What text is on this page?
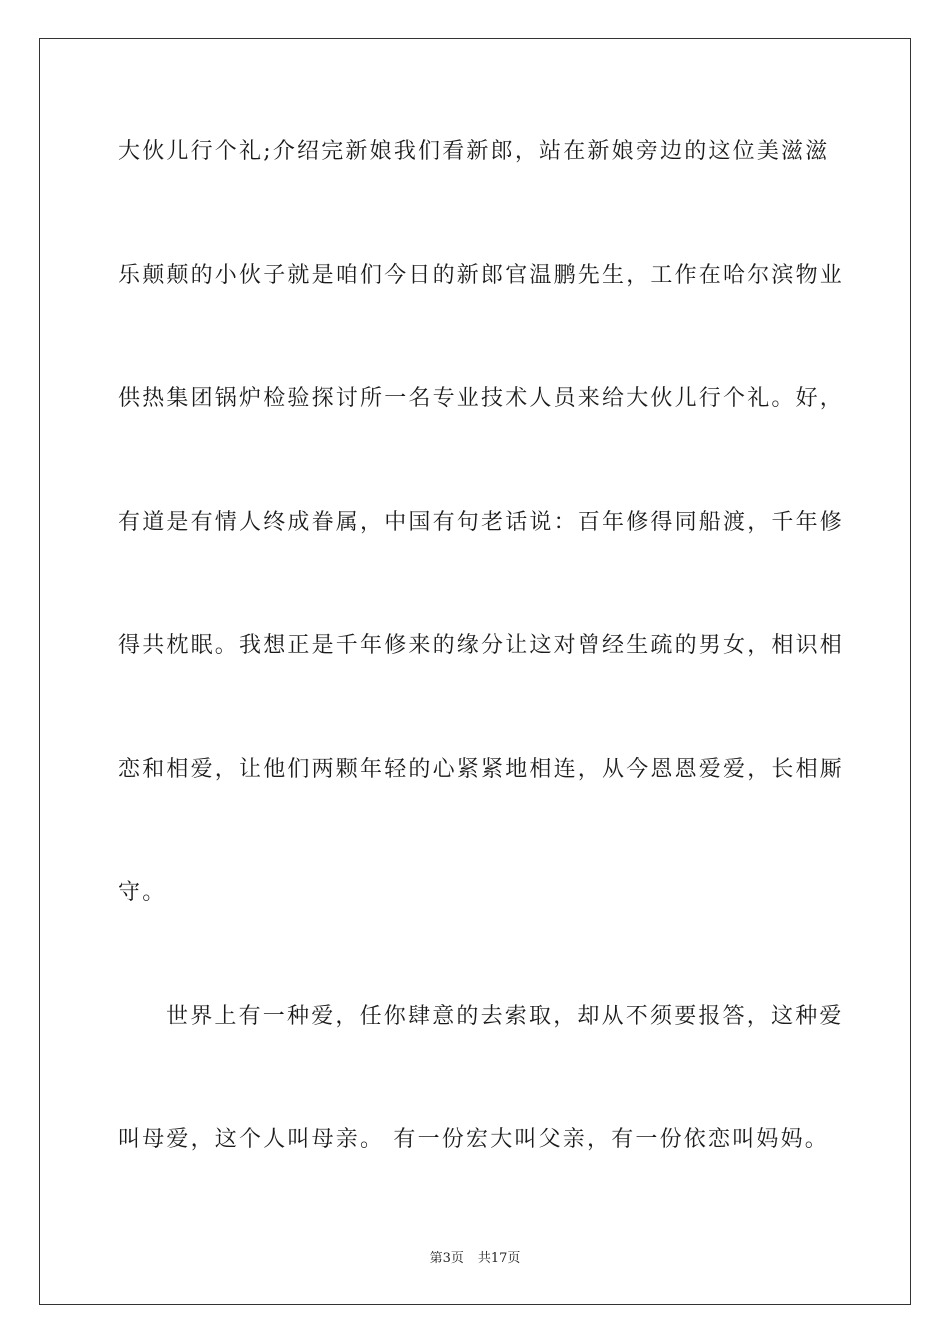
大伙儿行个礼;介绍完新娘我们看新郎，站在新娘旁边的这位美滋滋
乐颠颠的小伙子就是咱们今日的新郎官温鹏先生，工作在哈尔滨物业
供热集团锅炉检验探讨所一名专业技术人员来给大伙儿行个礼。好，
有道是有情人终成眷属，中国有句老话说：百年修得同船渡，千年修
得共枕眠。我想正是千年修来的缘分让这对曾经生疏的男女，相识相
恋和相爱，让他们两颗年轻的心紧紧地相连，从今恩恩爱爱，长相厮
守。
世界上有一种爱，任你肆意的去索取，却从不须要报答，这种爱
叫母爱，这个人叫母亲。 有一份宏大叫父亲，有一份依恋叫妈妈。
第3页 共17页
